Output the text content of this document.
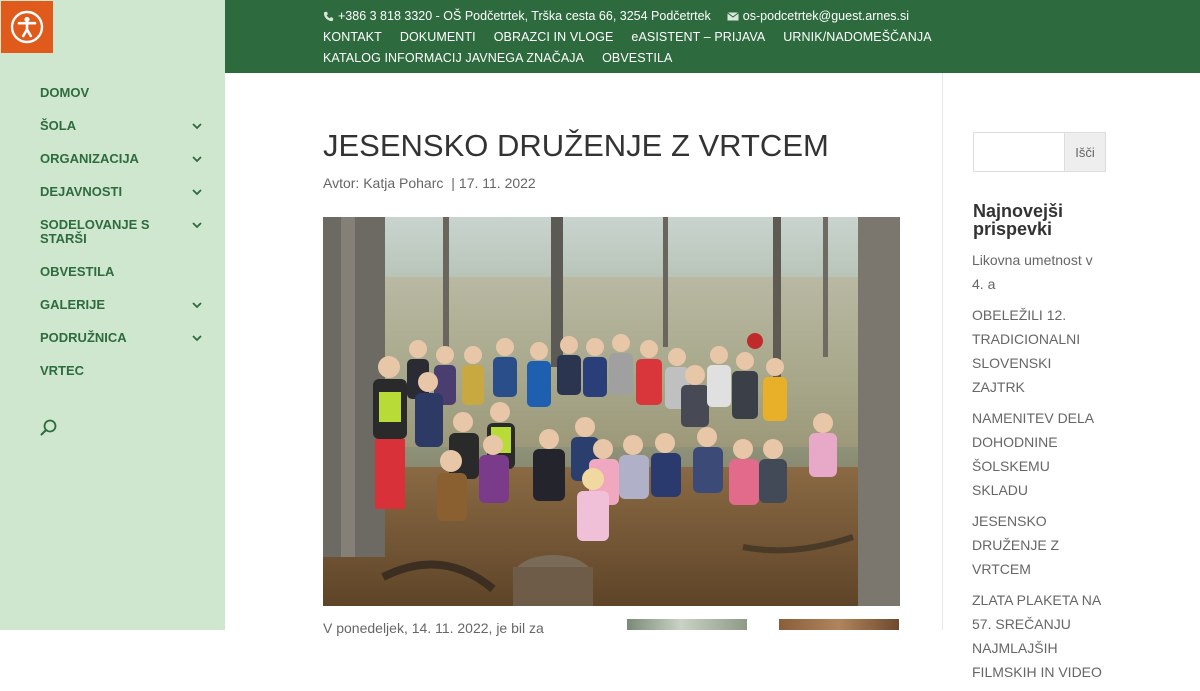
DOMOV
ŠOLA
ORGANIZACIJA
DEJAVNOSTI
SODELOVANJE S STARŠI
OBVESTILA
GALERIJE
PODRUŽNICA
VRTEC
+386 3 818 3320 - OŠ Podčetrtek, Trška cesta 66, 3254 Podčetrtek	os-podcetrtek@guest.arnes.si
KONTAKT DOKUMENTI OBRAZCI IN VLOGE eASISTENT – PRIJAVA URNIK/NADOMEŠČANJA
KATALOG INFORMACIJ JAVNEGA ZNAČAJA OBVESTILA
JESENSKO DRUŽENJE Z VRTCEM
Avtor: Katja Poharc | 17. 11. 2022
V ponedeljek, 14. 11. 2022, je bil za
Išči
Najnovejši prispevki
Likovna umetnost v 4. a
OBELEŽILI 12. TRADICIONALNI SLOVENSKI ZAJTRK
NAMENITEV DELA DOHODNINE ŠOLSKEMU SKLADU
JESENSKO DRUŽENJE Z VRTCEM
ZLATA PLAKETA NA 57. SREČANJU NAJMLAJŠIH FILMSKIH IN VIDEO
